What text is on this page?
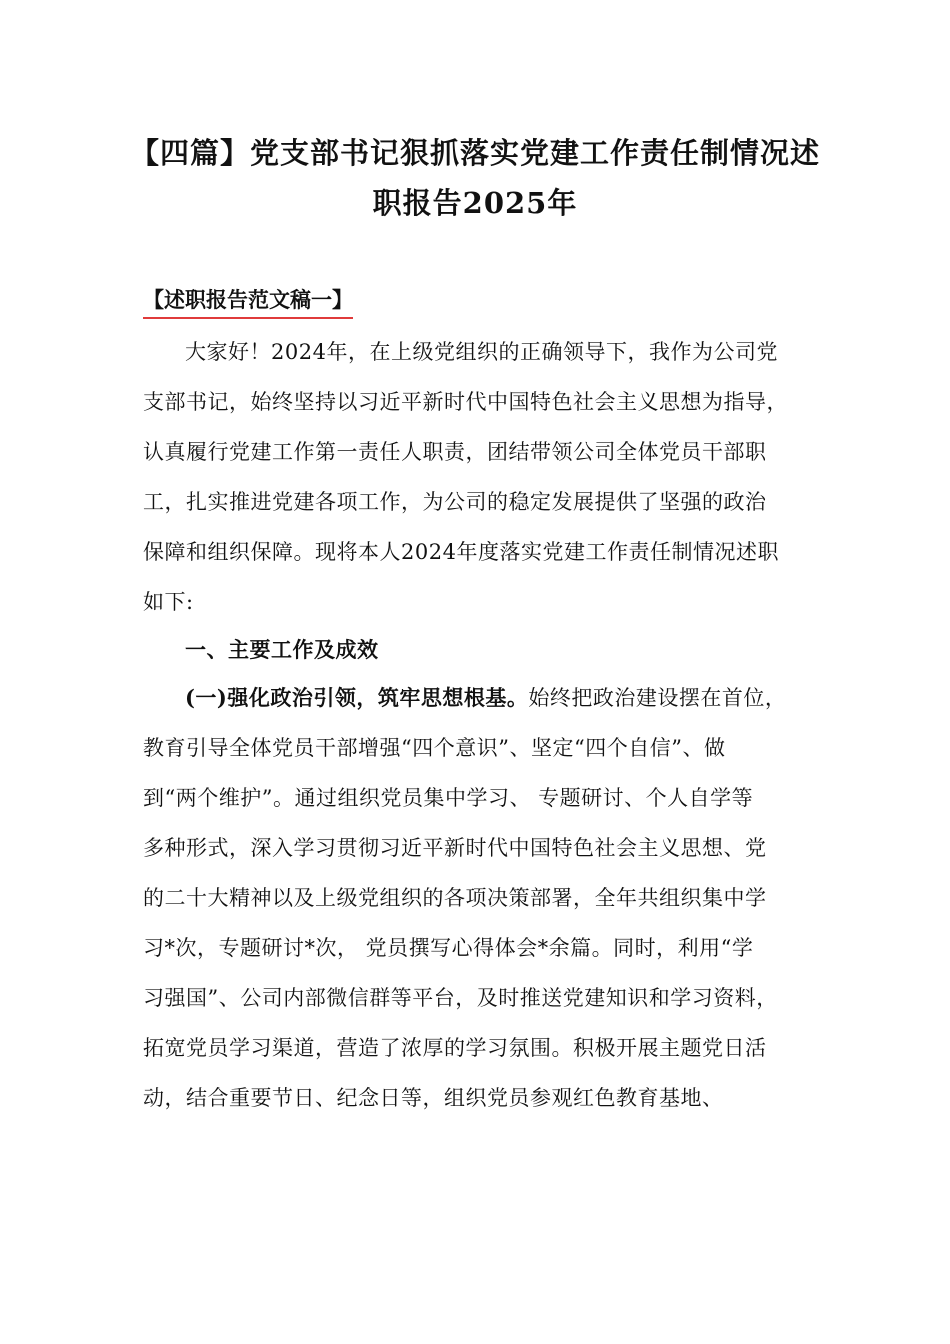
【四篇】党支部书记狠抓落实党建工作责任制情况述
职报告2025年
【述职报告范文稿一】
大家好！2024年，在上级党组织的正确领导下，我作为公司党
支部书记，始终坚持以习近平新时代中国特色社会主义思想为指导，
认真履行党建工作第一责任人职责，团结带领公司全体党员干部职
工，扎实推进党建各项工作，为公司的稳定发展提供了坚强的政治
保障和组织保障。现将本人2024年度落实党建工作责任制情况述职
如下:
一、主要工作及成效
(一)强化政治引领，筑牢思想根基。始终把政治建设摆在首位，
教育引导全体党员干部增强“四个意识”、坚定“四个自信”、做
到“两个维护”。通过组织党员集中学习、 专题研讨、个人自学等
多种形式，深入学习贯彻习近平新时代中国特色社会主义思想、党
的二十大精神以及上级党组织的各项决策部署，全年共组织集中学
习*次，专题研讨*次， 党员撰写心得体会*余篇。同时，利用“学
习强国”、公司内部微信群等平台，及时推送党建知识和学习资料，
拓宽党员学习渠道，营造了浓厚的学习氛围。积极开展主题党日活
动，结合重要节日、纪念日等，组织党员参观红色教育基地、
